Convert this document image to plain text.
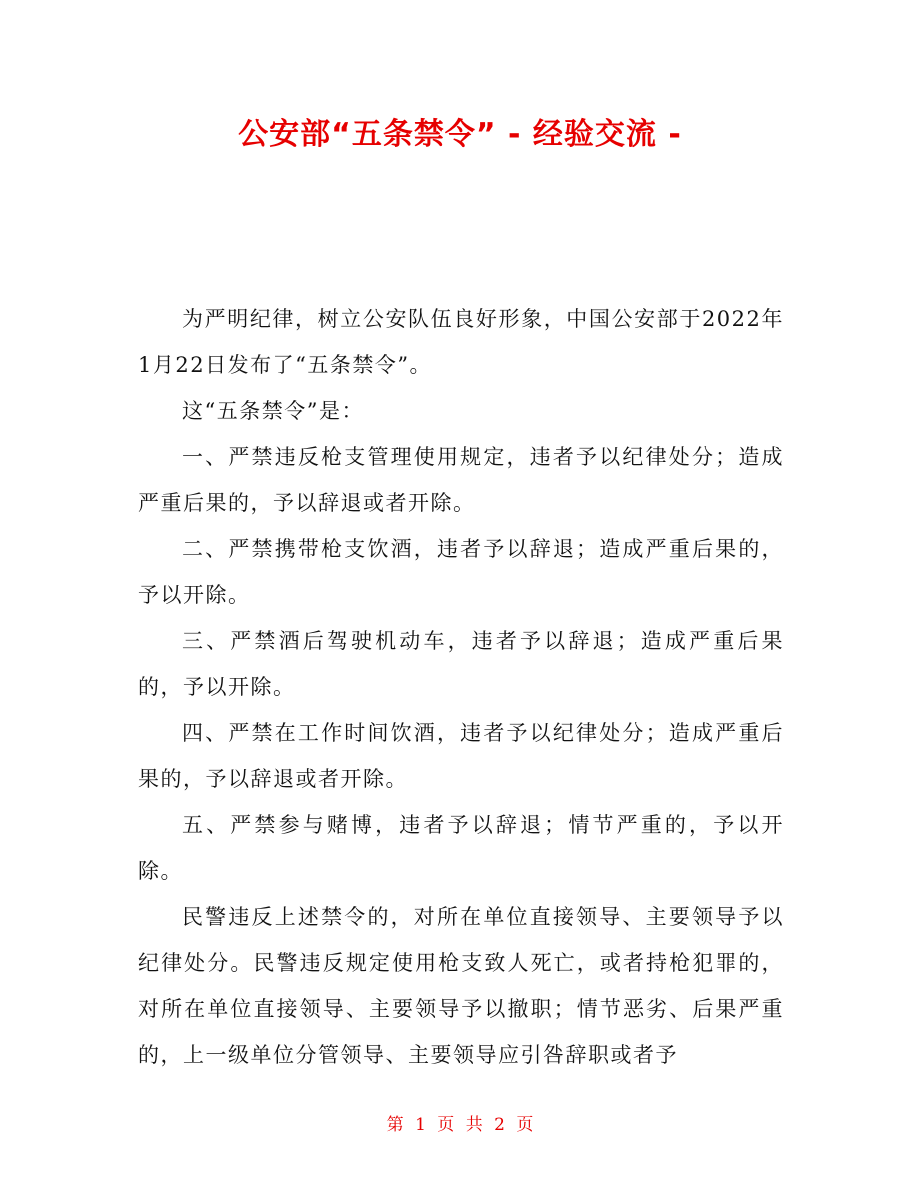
公安部“五条禁令” - 经验交流 -

为严明纪律，树立公安队伍良好形象，中国公安部于2022年1月22日发布了“五条禁令”。

这“五条禁令”是：

一、严禁违反枪支管理使用规定，违者予以纪律处分；造成严重后果的，予以辞退或者开除。

二、严禁携带枪支饮酒，违者予以辞退；造成严重后果的，予以开除。

三、严禁酒后驾驶机动车，违者予以辞退；造成严重后果的，予以开除。

四、严禁在工作时间饮酒，违者予以纪律处分；造成严重后果的，予以辞退或者开除。

五、严禁参与赌博，违者予以辞退；情节严重的，予以开除。

民警违反上述禁令的，对所在单位直接领导、主要领导予以纪律处分。民警违反规定使用枪支致人死亡，或者持枪犯罪的，对所在单位直接领导、主要领导予以撤职；情节恶劣、后果严重的，上一级单位分管领导、主要领导应引咎辞职或者予

第 1 页 共 2 页
